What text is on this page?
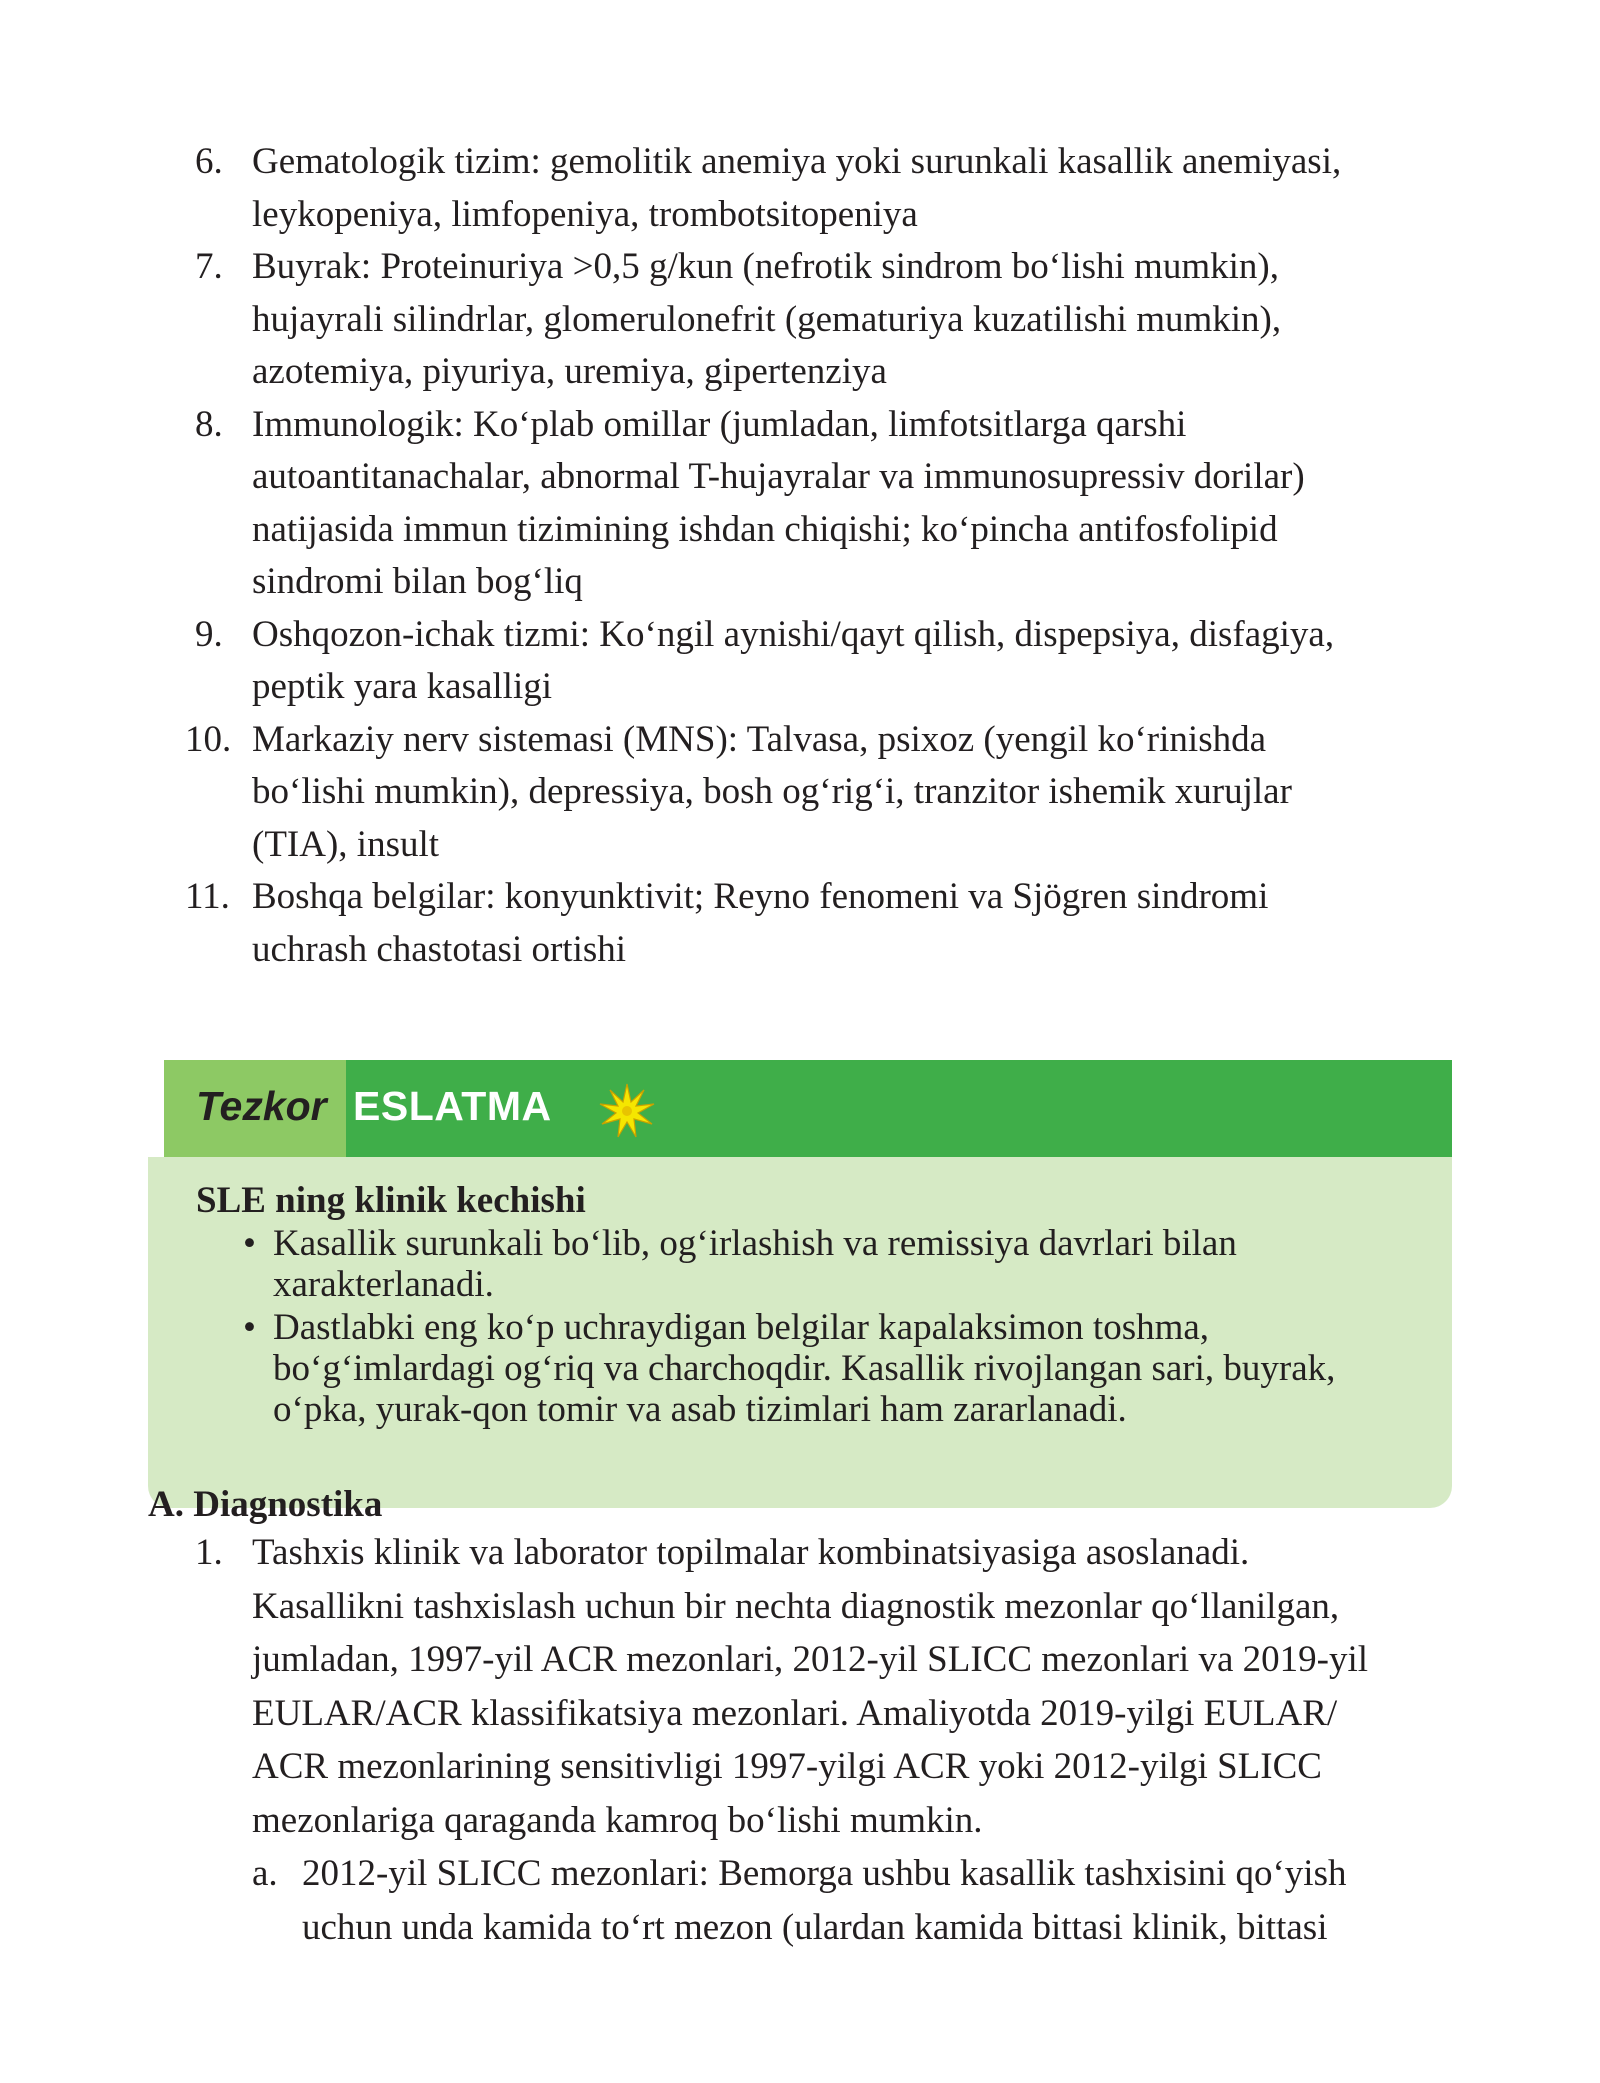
6. Gematologik tizim: gemolitik anemiya yoki surunkali kasallik anemiyasi,
leykopeniya, limfopeniya, trombotsitopeniya
7. Buyrak: Proteinuriya >0,5 g/kun (nefrotik sindrom bo‘lishi mumkin),
hujayrali silindrlar, glomerulonefrit (gematuriya kuzatilishi mumkin),
azotemiya, piyuriya, uremiya, gipertenziya
8. Immunologik: Ko‘plab omillar (jumladan, limfotsitlarga qarshi
autoantitanachalar, abnormal T-hujayralar va immunosupressiv dorilar)
natijasida immun tizimining ishdan chiqishi; ko‘pincha antifosfolipid
sindromi bilan bog‘liq
9. Oshqozon-ichak tizmi: Ko‘ngil aynishi/qayt qilish, dispepsiya, disfagiya,
peptik yara kasalligi
10. Markaziy nerv sistemasi (MNS): Talvasa, psixoz (yengil ko‘rinishda
bo‘lishi mumkin), depressiya, bosh og‘rig‘i, tranzitor ishemik xurujlar
(TIA), insult
11. Boshqa belgilar: konyunktivit; Reyno fenomeni va Sjögren sindromi
uchrash chastotasi ortishi
SLE ning klinik kechishi
• Kasallik surunkali bo‘lib, og‘irlashish va remissiya davrlari bilan
xarakterlanadi.
• Dastlabki eng ko‘p uchraydigan belgilar kapalaksimon toshma,
bo‘g‘imlardagi og‘riq va charchoqdir. Kasallik rivojlangan sari, buyrak,
o‘pka, yurak-qon tomir va asab tizimlari ham zararlanadi.
Tezkor ESLATMA
A. Diagnostika
1. Tashxis klinik va laborator topilmalar kombinatsiyasiga asoslanadi.
Kasallikni tashxislash uchun bir nechta diagnostik mezonlar qo‘llanilgan,
jumladan, 1997-yil ACR mezonlari, 2012-yil SLICC mezonlari va 2019-yil
EULAR/ACR klassifikatsiya mezonlari. Amaliyotda 2019-yilgi EULAR/
ACR mezonlarining sensitivligi 1997-yilgi ACR yoki 2012-yilgi SLICC
mezonlariga qaraganda kamroq bo‘lishi mumkin.
a. 2012-yil SLICC mezonlari: Bemorga ushbu kasallik tashxisini qo‘yish
uchun unda kamida to‘rt mezon (ulardan kamida bittasi klinik, bittasi
